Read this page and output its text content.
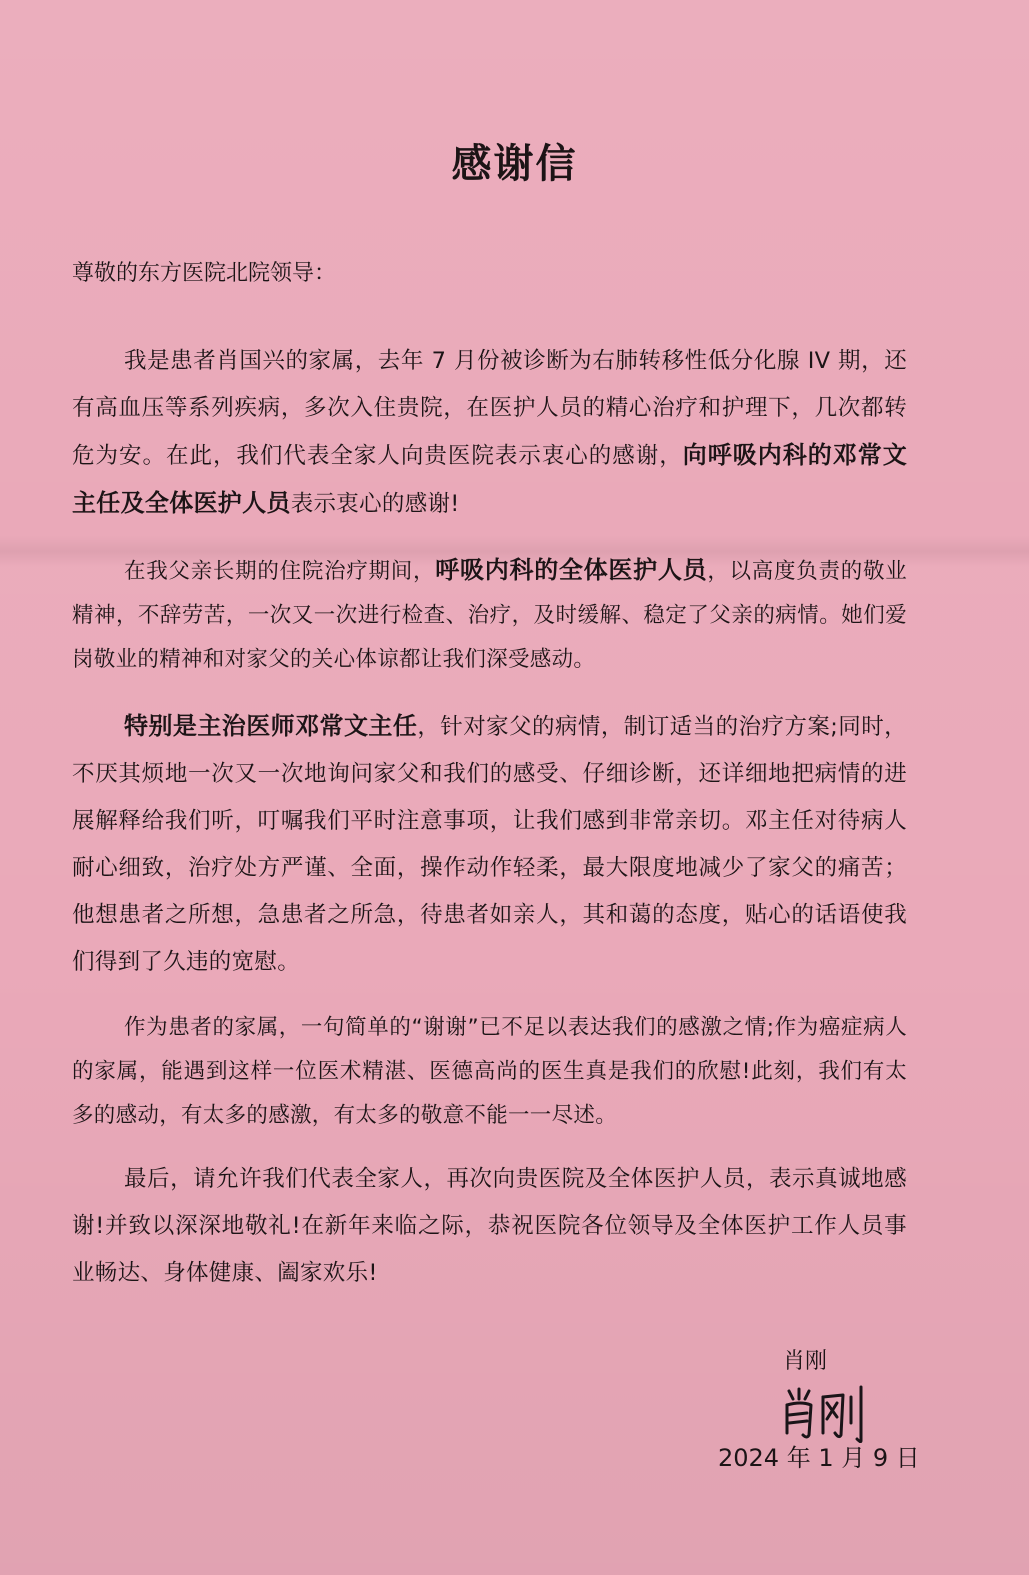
感谢信
尊敬的东方医院北院领导：
我是患者肖国兴的家属，去年 7 月份被诊断为右肺转移性低分化腺 IV 期，还有高血压等系列疾病，多次入住贵院，在医护人员的精心治疗和护理下，几次都转危为安。在此，我们代表全家人向贵医院表示衷心的感谢，向呼吸内科的邓常文主任及全体医护人员表示衷心的感谢!
在我父亲长期的住院治疗期间，呼吸内科的全体医护人员，以高度负责的敬业精神，不辞劳苦，一次又一次进行检查、治疗，及时缓解、稳定了父亲的病情。她们爱岗敬业的精神和对家父的关心体谅都让我们深受感动。
特别是主治医师邓常文主任，针对家父的病情，制订适当的治疗方案;同时，不厌其烦地一次又一次地询问家父和我们的感受、仔细诊断，还详细地把病情的进展解释给我们听，叮嘱我们平时注意事项，让我们感到非常亲切。邓主任对待病人耐心细致，治疗处方严谨、全面，操作动作轻柔，最大限度地减少了家父的痛苦；他想患者之所想，急患者之所急，待患者如亲人，其和蔼的态度，贴心的话语使我们得到了久违的宽慰。
作为患者的家属，一句简单的“谢谢”已不足以表达我们的感激之情;作为癌症病人的家属，能遇到这样一位医术精湛、医德高尚的医生真是我们的欣慰!此刻，我们有太多的感动，有太多的感激，有太多的敬意不能一一尽述。
最后，请允许我们代表全家人，再次向贵医院及全体医护人员，表示真诚地感谢!并致以深深地敬礼!在新年来临之际，恭祝医院各位领导及全体医护工作人员事业畅达、身体健康、阖家欢乐!
肖刚
2024 年 1 月 9 日
